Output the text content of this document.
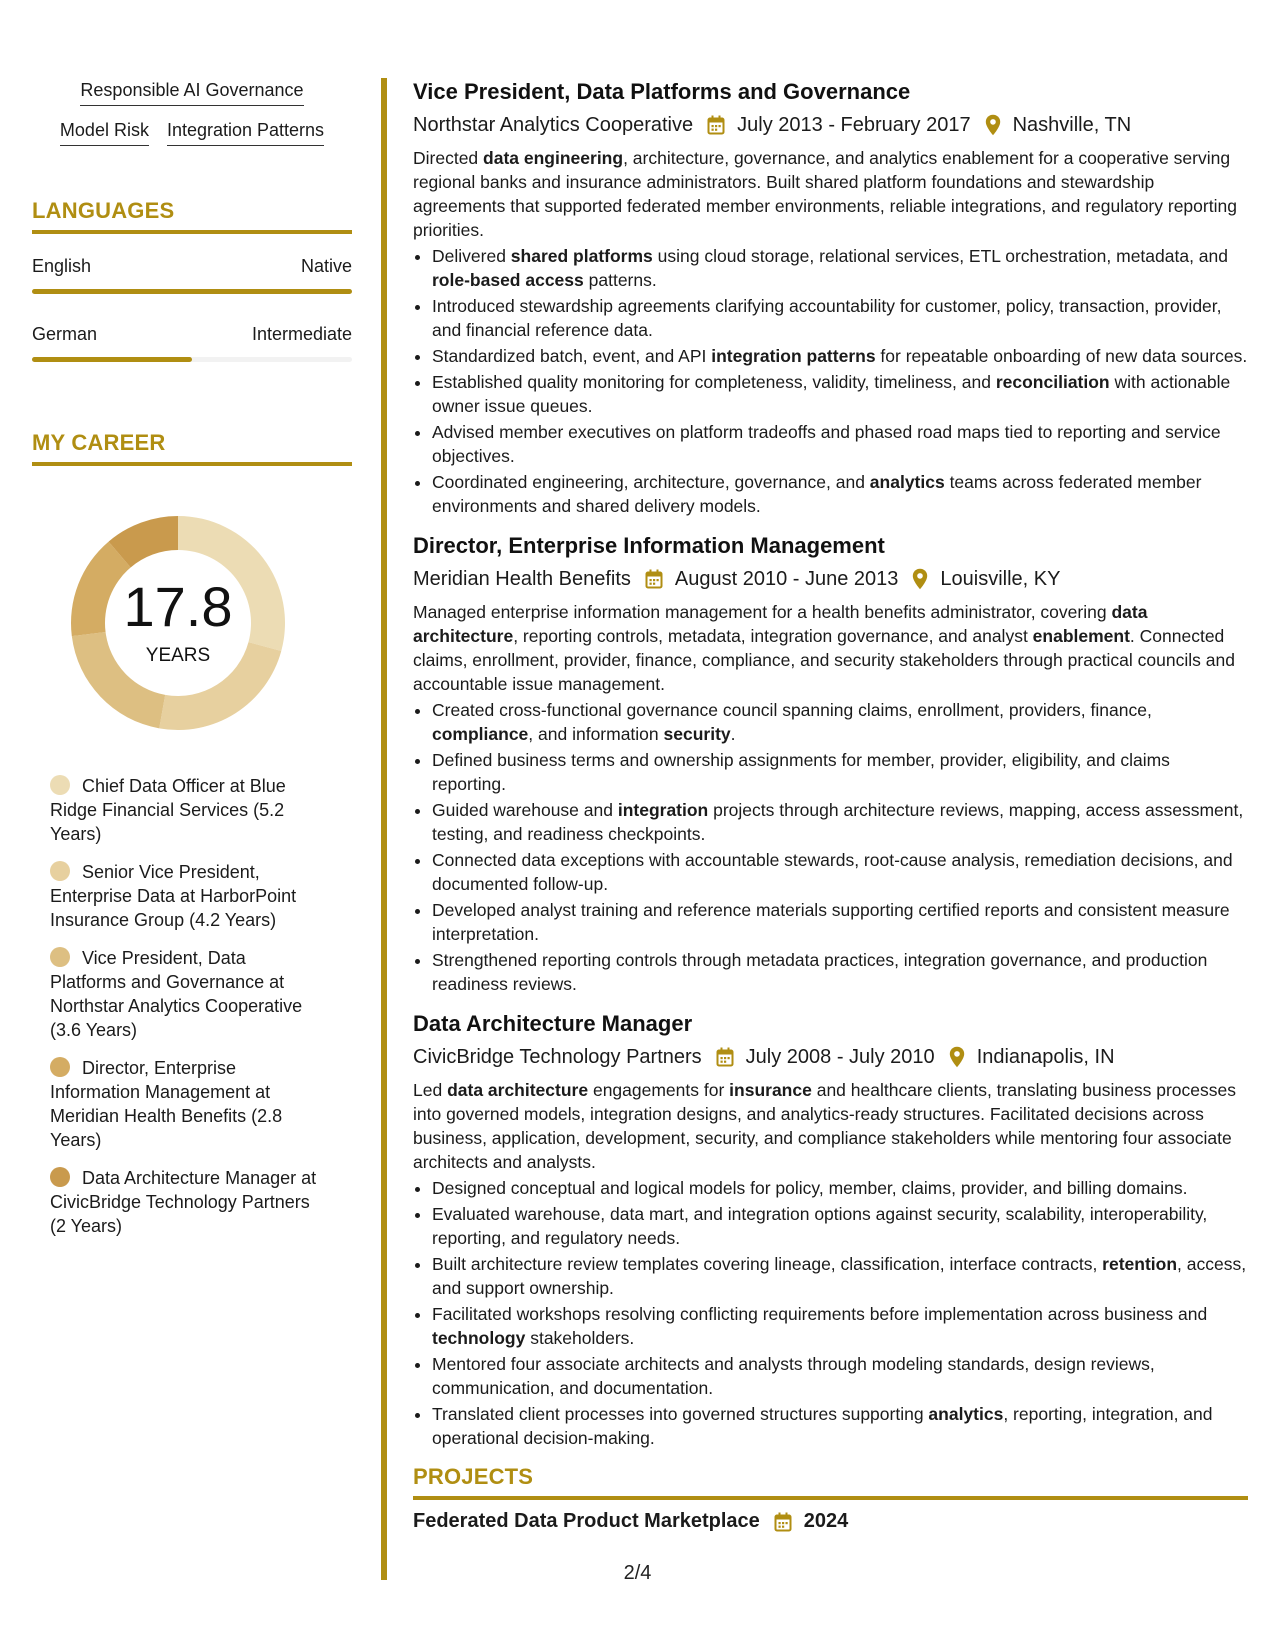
Responsible AI Governance
Model Risk Integration Patterns
LANGUAGES
English	Native
German	Intermediate
MY CAREER
17.8
YEARS
Chief Data Officer at Blue Ridge Financial Services (5.2 Years)
Senior Vice President, Enterprise Data at HarborPoint Insurance Group (4.2 Years)
Vice President, Data Platforms and Governance at Northstar Analytics Cooperative (3.6 Years)
Director, Enterprise Information Management at Meridian Health Benefits (2.8 Years)
Data Architecture Manager at CivicBridge Technology Partners (2 Years)
Vice President, Data Platforms and Governance
Northstar Analytics Cooperative July 2013 - February 2017 Nashville, TN
Directed data engineering, architecture, governance, and analytics enablement for a cooperative serving regional banks and insurance administrators. Built shared platform foundations and stewardship agreements that supported federated member environments, reliable integrations, and regulatory reporting priorities.
• Delivered shared platforms using cloud storage, relational services, ETL orchestration, metadata, and role-based access patterns.
• Introduced stewardship agreements clarifying accountability for customer, policy, transaction, provider, and financial reference data.
• Standardized batch, event, and API integration patterns for repeatable onboarding of new data sources.
• Established quality monitoring for completeness, validity, timeliness, and reconciliation with actionable owner issue queues.
• Advised member executives on platform tradeoffs and phased road maps tied to reporting and service objectives.
• Coordinated engineering, architecture, governance, and analytics teams across federated member environments and shared delivery models.
Director, Enterprise Information Management
Meridian Health Benefits August 2010 - June 2013 Louisville, KY
Managed enterprise information management for a health benefits administrator, covering data architecture, reporting controls, metadata, integration governance, and analyst enablement. Connected claims, enrollment, provider, finance, compliance, and security stakeholders through practical councils and accountable issue management.
• Created cross-functional governance council spanning claims, enrollment, providers, finance, compliance, and information security.
• Defined business terms and ownership assignments for member, provider, eligibility, and claims reporting.
• Guided warehouse and integration projects through architecture reviews, mapping, access assessment, testing, and readiness checkpoints.
• Connected data exceptions with accountable stewards, root-cause analysis, remediation decisions, and documented follow-up.
• Developed analyst training and reference materials supporting certified reports and consistent measure interpretation.
• Strengthened reporting controls through metadata practices, integration governance, and production readiness reviews.
Data Architecture Manager
CivicBridge Technology Partners July 2008 - July 2010 Indianapolis, IN
Led data architecture engagements for insurance and healthcare clients, translating business processes into governed models, integration designs, and analytics-ready structures. Facilitated decisions across business, application, development, security, and compliance stakeholders while mentoring four associate architects and analysts.
• Designed conceptual and logical models for policy, member, claims, provider, and billing domains.
• Evaluated warehouse, data mart, and integration options against security, scalability, interoperability, reporting, and regulatory needs.
• Built architecture review templates covering lineage, classification, interface contracts, retention, access, and support ownership.
• Facilitated workshops resolving conflicting requirements before implementation across business and technology stakeholders.
• Mentored four associate architects and analysts through modeling standards, design reviews, communication, and documentation.
• Translated client processes into governed structures supporting analytics, reporting, integration, and operational decision-making.
PROJECTS
Federated Data Product Marketplace 2024
2/4
